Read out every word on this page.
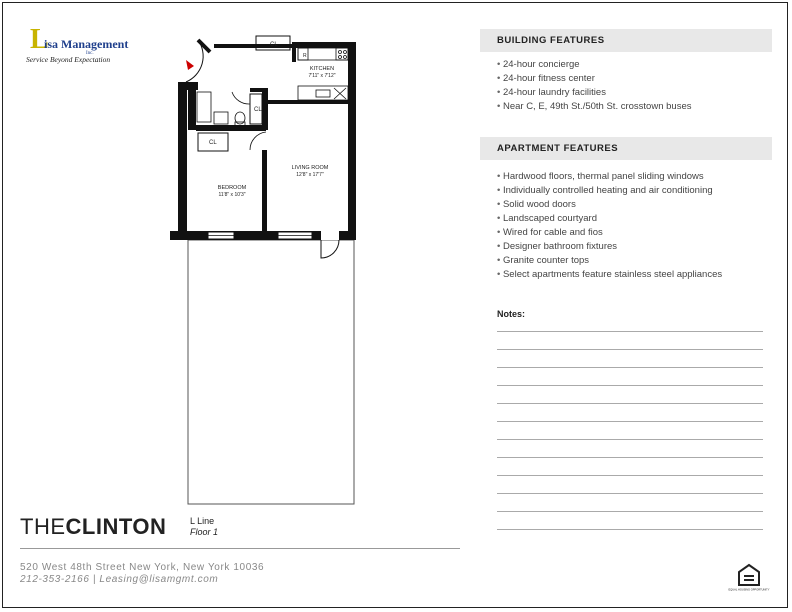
L
isa Management
Inc.
Service Beyond Expectation
CL
CL
CL
R
KITCHEN
7'11" x 7'12"
LIVING ROOM
12'8" x 17'7"
BEDROOM
11'8" x 10'3"
THECLINTON	L Line
Floor 1
520 West 48th Street New York, New York 10036
212-353-2166 | Leasing@lisamgmt.com
BUILDING FEATURES
• 24-hour concierge
• 24-hour fitness center
• 24-hour laundry facilities
• Near C, E, 49th St./50th St. crosstown buses
APARTMENT FEATURES
• Hardwood floors, thermal panel sliding windows
• Individually controlled heating and air conditioning
• Solid wood doors
• Landscaped courtyard
• Wired for cable and fios
• Designer bathroom fixtures
• Granite counter tops
• Select apartments feature stainless steel appliances
Notes:
EQUAL HOUSING OPPORTUNITY
